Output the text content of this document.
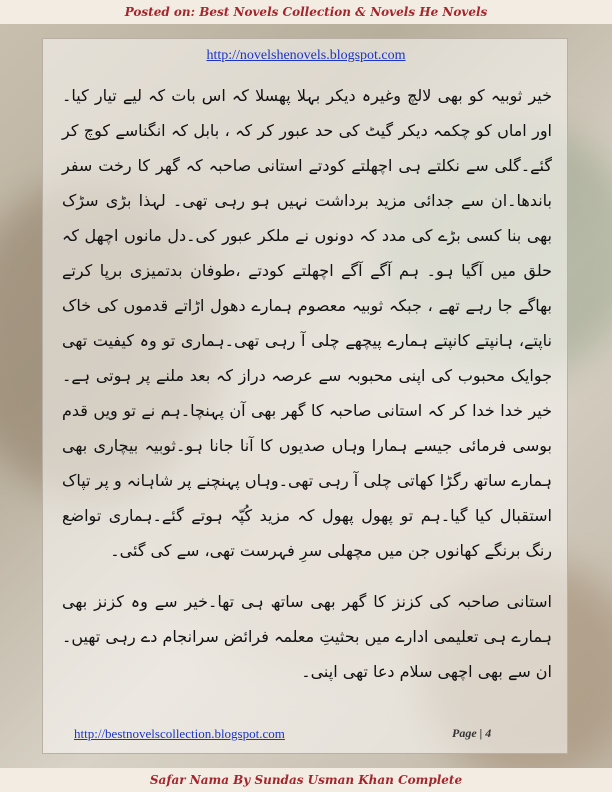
Posted on: Best Novels Collection & Novels He Novels
http://novelshenovels.blogspot.com

خیر ثوبیہ کو بھی لالچ وغیرہ دیکر بہلا پھسلا کہ اس بات کہ لیے تیار کیا۔اور اماں کو چکمہ دیکر گیٹ کی حد عبور کر کہ ، بابل کہ انگناسے کوچ کر گئے۔گلی سے نکلتے ہی اچھلتے کودتے استانی صاحبہ کہ گھر کا رخت سفر باندھا۔ان سے جدائی مزید برداشت نہیں ہو رہی تھی۔ لہذا بڑی سڑک بھی بنا کسی بڑے کی مدد کہ دونوں نے ملکر عبور کی۔دل مانوں اچھل کہ حلق میں آگیا ہو۔ ہم آگے آگے اچھلتے کودتے ،طوفان بدتمیزی برپا کرتے بھاگے جا رہے تھے ، جبکہ ثوبیہ معصوم ہمارے دھول اڑاتے قدموں کی خاک ناپتے، ہانپتے کانپتے ہمارے پیچھے چلی آ رہی تھی۔ہماری تو وہ کیفیت تھی جوایک محبوب کی اپنی محبوبہ سے عرصہ دراز کہ بعد ملنے پر ہوتی ہے۔خیر خدا خدا کر کہ استانی صاحبہ کا گھر بھی آن پہنچا۔ہم نے تو ویں قدم بوسی فرمائی جیسے ہمارا وہاں صدیوں کا آنا جانا ہو۔ثوبیہ بیچاری بھی ہمارے ساتھ رگڑا کھاتی چلی آ رہی تھی۔وہاں پہنچنے پر شاہانہ و پر تپاک استقبال کیا گیا۔ہم تو پھول پھول کہ مزید کُپّہ ہوتے گئے۔ہماری تواضع رنگ برنگے کھانوں جن میں مچھلی سرِ فہرست تھی، سے کی گئی۔

استانی صاحبہ کی کزنز کا گھر بھی ساتھ ہی تھا۔خیر سے وہ کزنز بھی ہمارے ہی تعلیمی ادارے میں بحثیتِ معلمہ فرائض سرانجام دے رہی تھیں۔ان سے بھی اچھی سلام دعا تھی اپنی۔

http://bestnovelscollection.blogspot.com	Page | 4
Safar Nama By Sundas Usman Khan Complete
